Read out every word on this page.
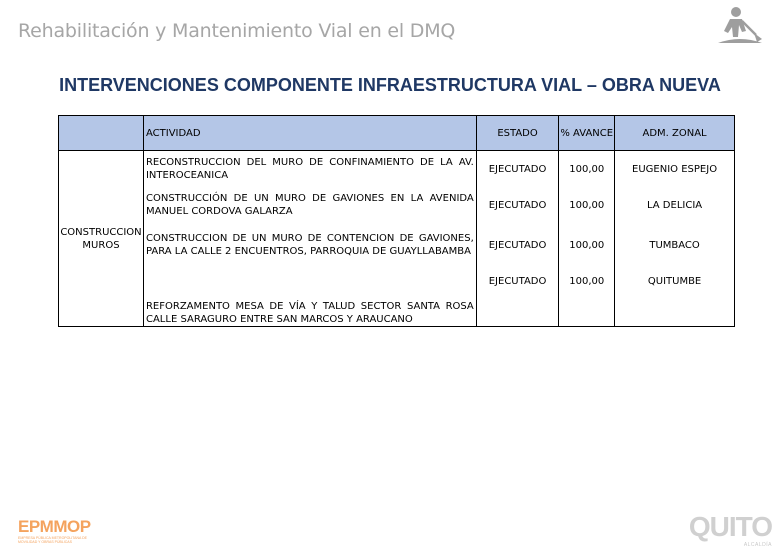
Rehabilitación y Mantenimiento Vial en el DMQ
INTERVENCIONES COMPONENTE INFRAESTRUCTURA VIAL – OBRA NUEVA
	ACTIVIDAD	ESTADO	% AVANCE	ADM. ZONAL
CONSTRUCCION MUROS	RECONSTRUCCION DEL MURO DE CONFINAMIENTO DE LA AV. INTEROCEANICA	EJECUTADO	100,00	EUGENIO ESPEJO
	CONSTRUCCIÓN DE UN MURO DE GAVIONES EN LA AVENIDA MANUEL CORDOVA GALARZA	EJECUTADO	100,00	LA DELICIA
	CONSTRUCCION DE UN MURO DE CONTENCION DE GAVIONES, PARA LA CALLE 2 ENCUENTROS, PARROQUIA DE GUAYLLABAMBA	EJECUTADO	100,00	TUMBACO
	REFORZAMENTO MESA DE VÍA Y TALUD SECTOR SANTA ROSA CALLE SARAGURO ENTRE SAN MARCOS Y ARAUCANO	EJECUTADO	100,00	QUITUMBE
EPMMOP
EMPRESA PÚBLICA METROPOLITANA DE MOVILIDAD Y OBRAS PÚBLICAS	QUITO
ALCALDÍA
